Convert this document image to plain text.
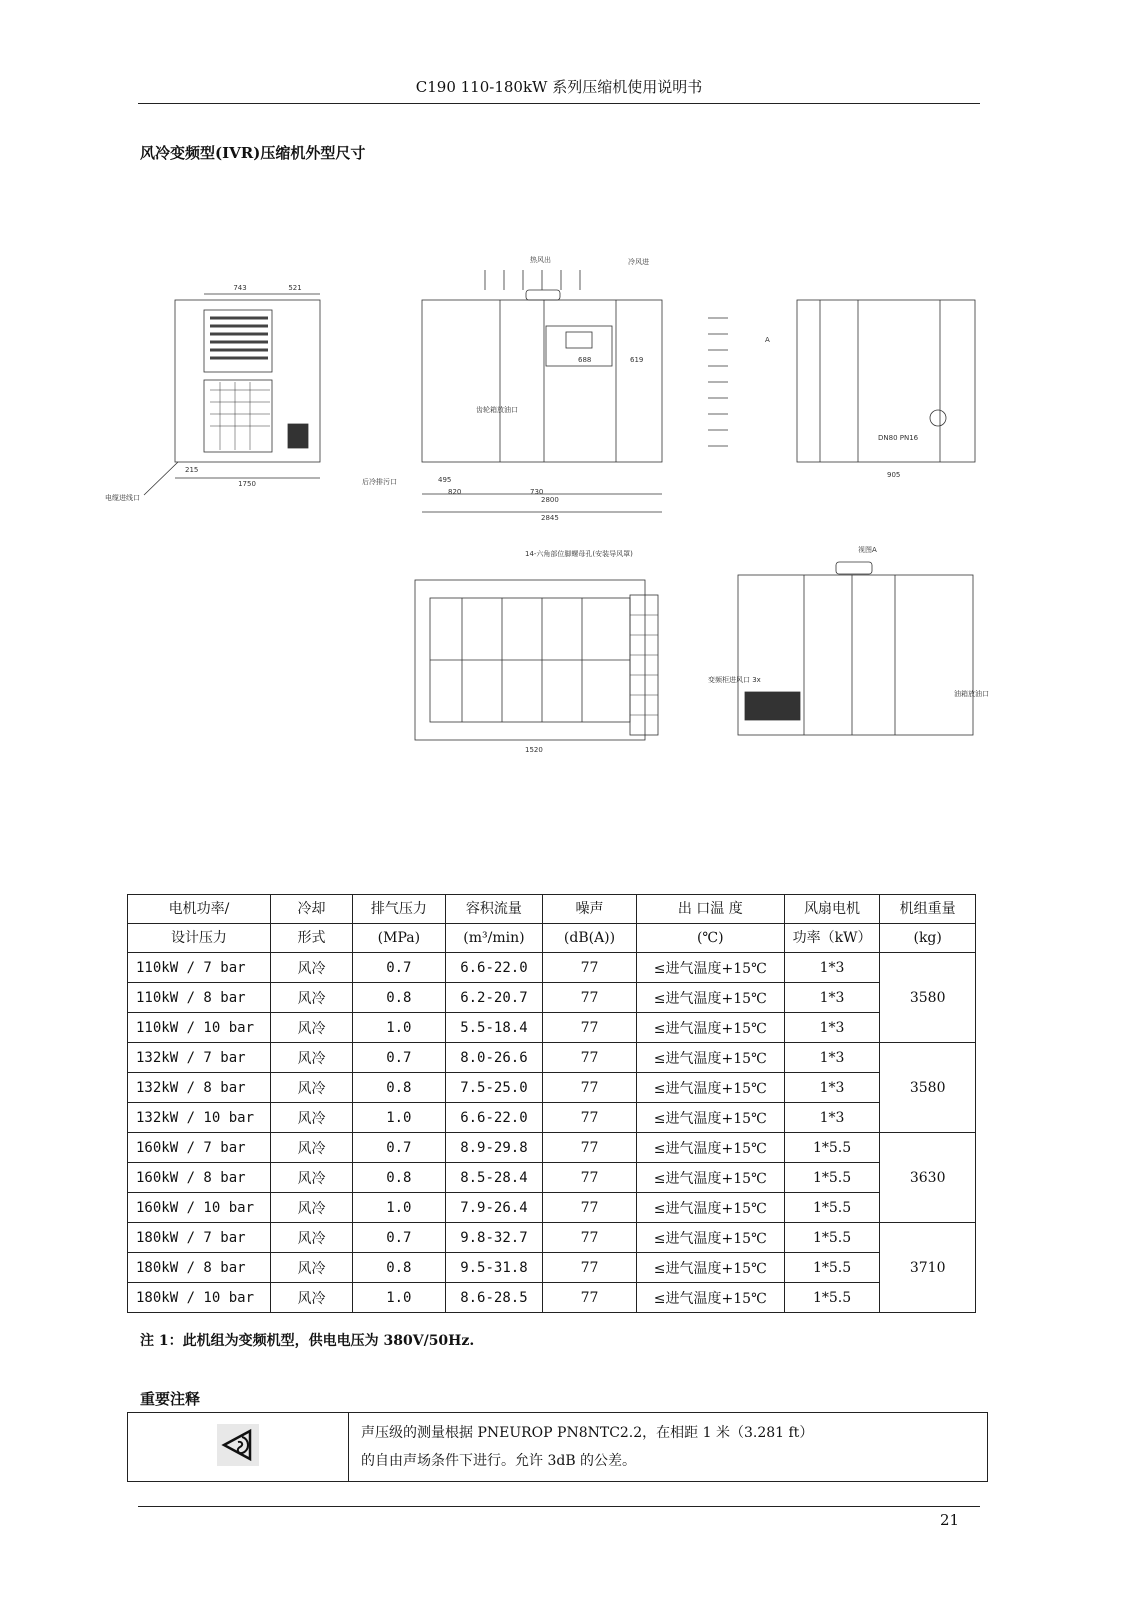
C190 110-180kW 系列压缩机使用说明书
风冷变频型(IVR)压缩机外型尺寸
1750
743	521
215
电缆进线口
热风出	冷风进
688	619
齿轮箱放油口
后冷排污口
2800
2845
495
820	730
A
905
DN80 PN16
14-六角部位脚螺母孔(安装导风罩)
1520
视图A
变频柜进风口 3x
油箱放油口
电机功率/	冷却	排气压力	容积流量	噪声	出 口温 度	风扇电机	机组重量
设计压力	形式	(MPa)	(m³/min)	(dB(A))	(℃)	功率（kW）	(kg)
110kW / 7 bar	风冷	0.7	6.6-22.0	77	≤进气温度+15℃	1*3	3580
110kW / 8 bar	风冷	0.8	6.2-20.7	77	≤进气温度+15℃	1*3	
110kW / 10 bar	风冷	1.0	5.5-18.4	77	≤进气温度+15℃	1*3	
132kW / 7 bar	风冷	0.7	8.0-26.6	77	≤进气温度+15℃	1*3	3580
132kW / 8 bar	风冷	0.8	7.5-25.0	77	≤进气温度+15℃	1*3	
132kW / 10 bar	风冷	1.0	6.6-22.0	77	≤进气温度+15℃	1*3	
160kW / 7 bar	风冷	0.7	8.9-29.8	77	≤进气温度+15℃	1*5.5	3630
160kW / 8 bar	风冷	0.8	8.5-28.4	77	≤进气温度+15℃	1*5.5	
160kW / 10 bar	风冷	1.0	7.9-26.4	77	≤进气温度+15℃	1*5.5	
180kW / 7 bar	风冷	0.7	9.8-32.7	77	≤进气温度+15℃	1*5.5	3710
180kW / 8 bar	风冷	0.8	9.5-31.8	77	≤进气温度+15℃	1*5.5	
180kW / 10 bar	风冷	1.0	8.6-28.5	77	≤进气温度+15℃	1*5.5	
注 1：此机组为变频机型，供电电压为 380V/50Hz.
重要注释

声压级的测量根据 PNEUROP PN8NTC2.2，在相距 1 米（3.281 ft）
的自由声场条件下进行。允许 3dB 的公差。
21
